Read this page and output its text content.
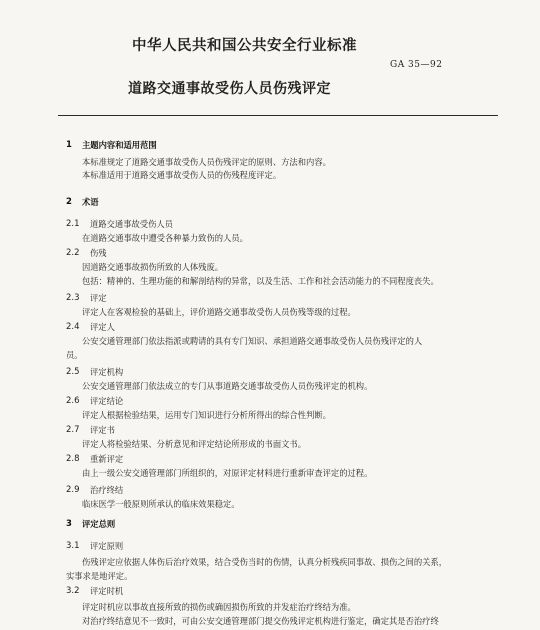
中华人民共和国公共安全行业标准
GA 35—92
道路交通事故受伤人员伤残评定
1 主题内容和适用范围
本标准规定了道路交通事故受伤人员伤残评定的原则、方法和内容。
本标准适用于道路交通事故受伤人员的伤残程度评定。
2 术语
2.1 道路交通事故受伤人员
在道路交通事故中遭受各种暴力致伤的人员。
2.2 伤残
因道路交通事故损伤所致的人体残废。
包括：精神的、生理功能的和解剖结构的异常，以及生活、工作和社会活动能力的不同程度丧失。
2.3 评定
评定人在客观检验的基础上，评价道路交通事故受伤人员伤残等级的过程。
2.4 评定人
公安交通管理部门依法指派或聘请的具有专门知识、承担道路交通事故受伤人员伤残评定的人
员。
2.5 评定机构
公安交通管理部门依法成立的专门从事道路交通事故受伤人员伤残评定的机构。
2.6 评定结论
评定人根据检验结果，运用专门知识进行分析所得出的综合性判断。
2.7 评定书
评定人将检验结果、分析意见和评定结论所形成的书面文书。
2.8 重新评定
由上一级公安交通管理部门所组织的，对原评定材料进行重新审查评定的过程。
2.9 治疗终结
临床医学一般原则所承认的临床效果稳定。
3 评定总则
3.1 评定原则
伤残评定应依据人体伤后治疗效果，结合受伤当时的伤情，认真分析残疾同事故、损伤之间的关系，
实事求是地评定。
3.2 评定时机
评定时机应以事故直接所致的损伤或确因损伤所致的并发症治疗终结为准。
对治疗终结意见不一致时，可由公安交通管理部门提交伤残评定机构进行鉴定，确定其是否治疗终
